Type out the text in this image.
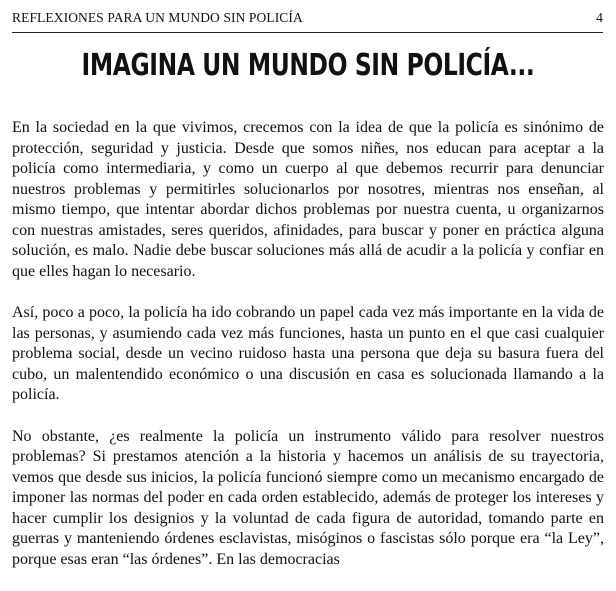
REFLEXIONES PARA UN MUNDO SIN POLICÍA	4
IMAGINA UN MUNDO SIN POLICÍA...

En la sociedad en la que vivimos, crecemos con la idea de que la policía es sinónimo de protección, seguridad y justicia. Desde que somos niñes, nos educan para aceptar a la policía como intermediaria, y como un cuerpo al que debemos recurrir para denunciar nuestros problemas y permitirles solucionarlos por nosotres, mientras nos enseñan, al mismo tiempo, que intentar abordar dichos problemas por nuestra cuenta, u organizarnos con nuestras amistades, seres queridos, afinidades, para buscar y poner en práctica alguna solución, es malo. Nadie debe buscar soluciones más allá de acudir a la policía y confiar en que elles hagan lo necesario.

Así, poco a poco, la policía ha ido cobrando un papel cada vez más importante en la vida de las personas, y asumiendo cada vez más funciones, hasta un punto en el que casi cualquier problema social, desde un vecino ruidoso hasta una persona que deja su basura fuera del cubo, un malentendido económico o una discusión en casa es solucionada llamando a la policía.

No obstante, ¿es realmente la policía un instrumento válido para resolver nuestros problemas? Si prestamos atención a la historia y hacemos un análisis de su trayectoria, vemos que desde sus inicios, la policía funcionó siempre como un mecanismo encargado de imponer las normas del poder en cada orden establecido, además de proteger los intereses y hacer cumplir los designios y la voluntad de cada figura de autoridad, tomando parte en guerras y manteniendo órdenes esclavistas, misóginos o fascistas sólo porque era “la Ley”, porque esas eran “las órdenes”. En las democracias
